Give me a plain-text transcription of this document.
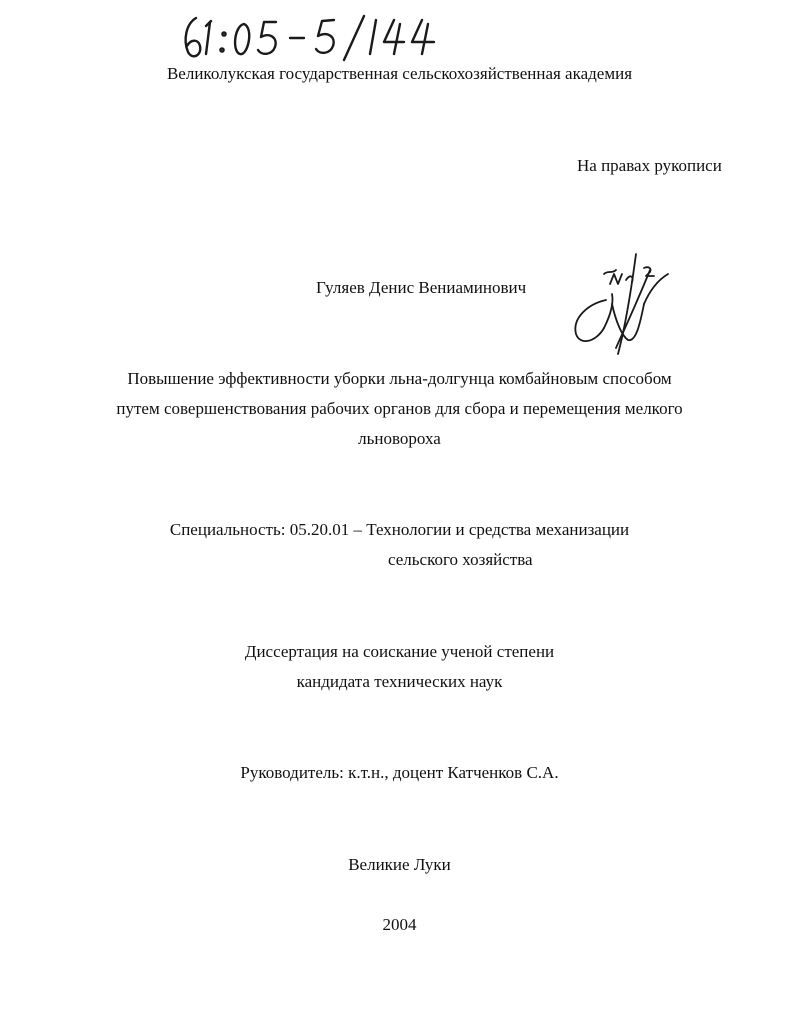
Великолукская государственная сельскохозяйственная академия
На правах рукописи
Гуляев Денис Вениаминович
Повышение эффективности уборки льна-долгунца комбайновым способом
путем совершенствования рабочих органов для сбора и перемещения мелкого
льновороха
Специальность: 05.20.01 – Технологии и средства механизации
сельского хозяйства
Диссертация на соискание ученой степени
кандидата технических наук
Руководитель: к.т.н., доцент Катченков С.А.
Великие Луки
2004
